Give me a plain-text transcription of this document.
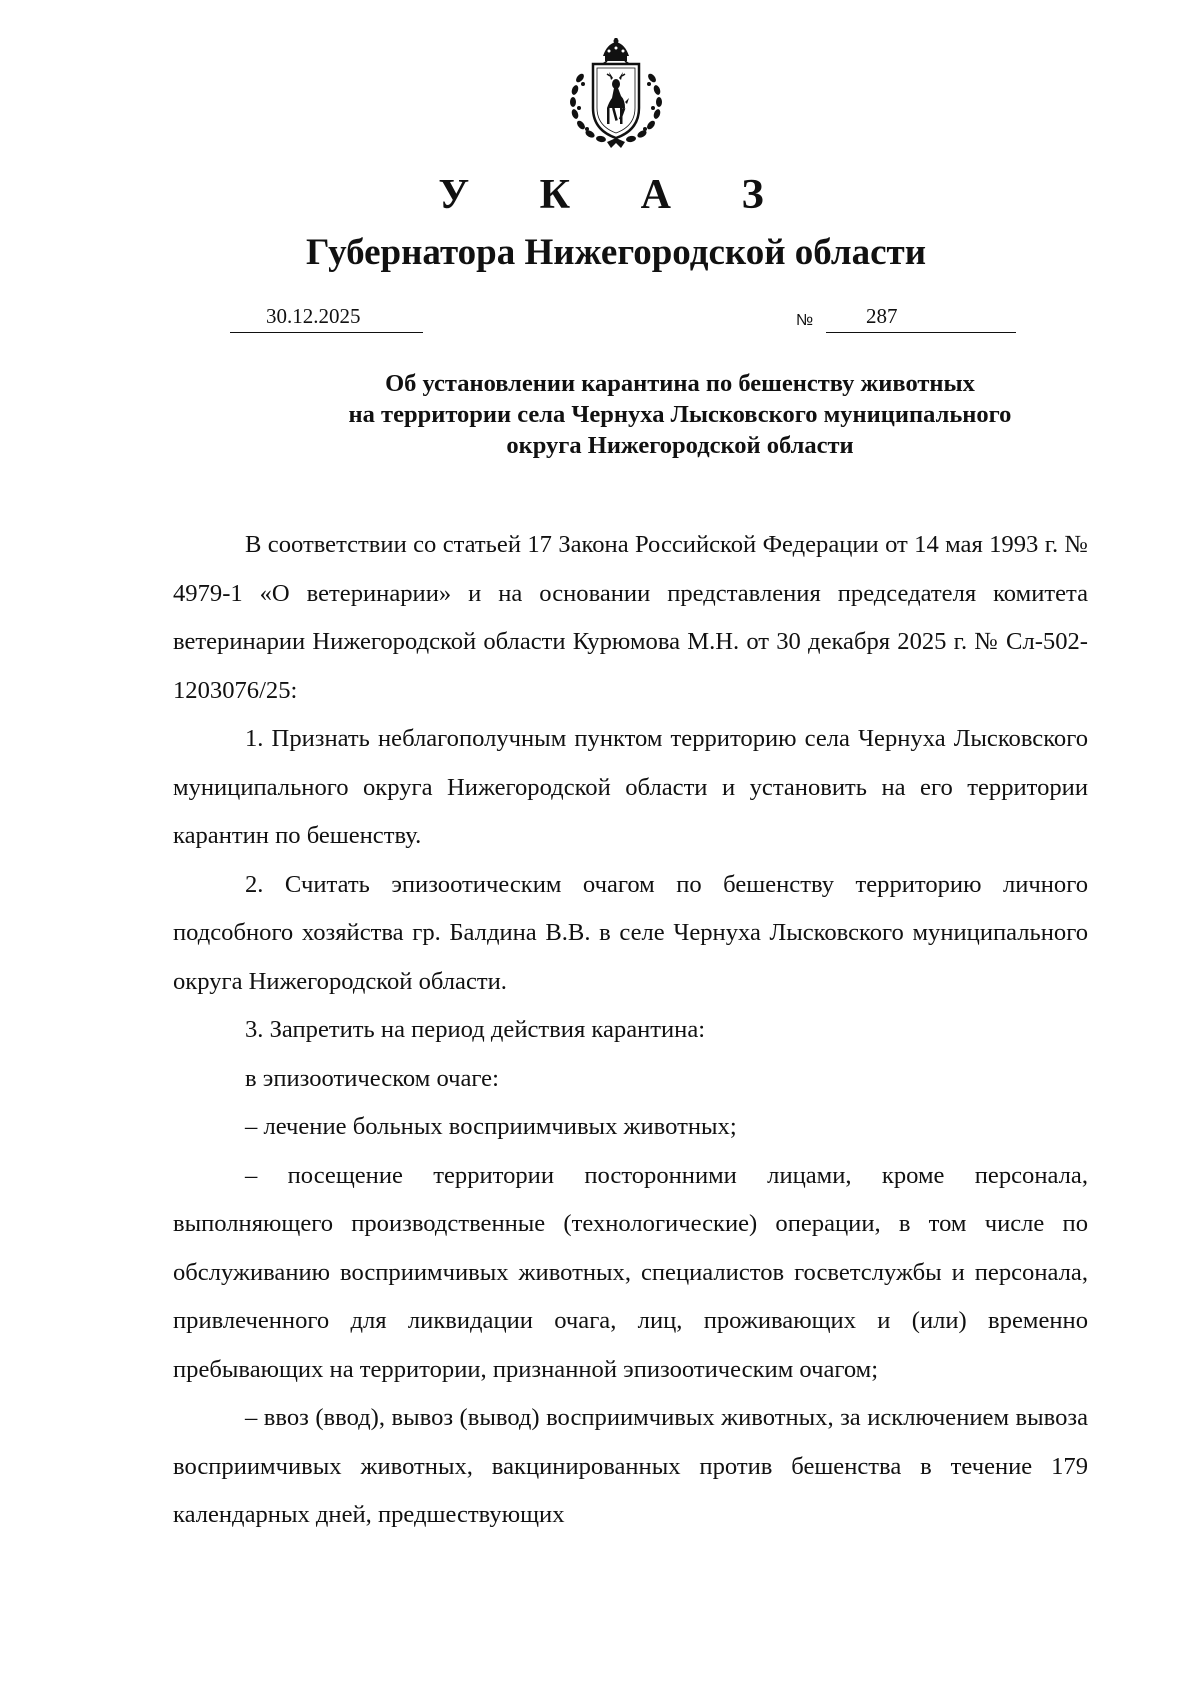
У К А З
Губернатора Нижегородской области
30.12.2025	№	287
Об установлении карантина по бешенству животных
на территории села Чернуха Лысковского муниципального
округа Нижегородской области

В соответствии со статьей 17 Закона Российской Федерации от 14 мая 1993 г. № 4979-1 «О ветеринарии» и на основании представления председателя комитета ветеринарии Нижегородской области Курюмова М.Н. от 30 декабря 2025 г. № Сл-502-1203076/25:

1. Признать неблагополучным пунктом территорию села Чернуха Лысковского муниципального округа Нижегородской области и установить на его территории карантин по бешенству.

2. Считать эпизоотическим очагом по бешенству территорию личного подсобного хозяйства гр. Балдина В.В. в селе Чернуха Лысковского муниципального округа Нижегородской области.

3. Запретить на период действия карантина:

в эпизоотическом очаге:

– лечение больных восприимчивых животных;

– посещение территории посторонними лицами, кроме персонала, выполняющего производственные (технологические) операции, в том числе по обслуживанию восприимчивых животных, специалистов госветслужбы и персонала, привлеченного для ликвидации очага, лиц, проживающих и (или) временно пребывающих на территории, признанной эпизоотическим очагом;

– ввоз (ввод), вывоз (вывод) восприимчивых животных, за исключением вывоза восприимчивых животных, вакцинированных против бешенства в течение 179 календарных дней, предшествующих
